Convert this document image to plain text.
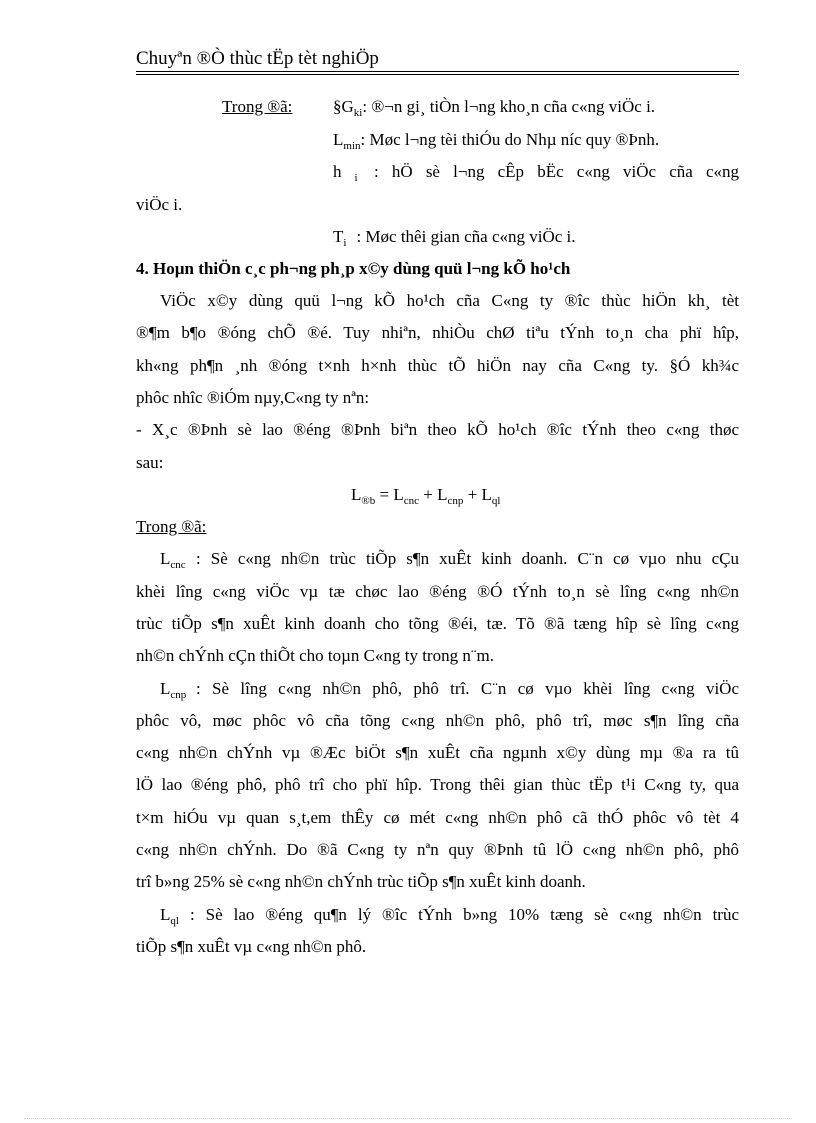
Chuyªn ®Ò thùc tËp tèt nghiÖp
Trong ®ã: $\S G_{ki}$: ®¬n gi¸ tiÒn l¬ng kho¸n cña c«ng viÖc i.
$L_{min}$: Møc l¬ng tèi thiÓu do Nhµ níc quy ®Þnh.
h $_i$ : hÖ sè l¬ng cÊp bËc c«ng viÖc cña c«ng
viÖc i.
$T_i$ : Møc thêi gian cña c«ng viÖc i.
4. Hoµn thiÖn c¸c ph¬ng ph¸p x©y dùng quü l¬ng kÕ ho¹ch
ViÖc x©y dùng quü l¬ng kÕ ho¹ch cña C«ng ty ®îc thùc hiÖn kh¸ tèt
®¶m b¶o ®óng chÕ ®é. Tuy nhiªn, nhiÒu chØ tiªu tÝnh to¸n cha phï hîp,
kh«ng ph¶n ¸nh ®óng t×nh h×nh thùc tÕ hiÖn nay cña C«ng ty. §Ó kh¾c
phôc nhîc ®iÓm nµy,C«ng ty nªn:
- X¸c ®Þnh sè lao ®éng ®Þnh biªn theo kÕ ho¹ch ®îc tÝnh theo c«ng thøc
sau:
$L_{®b} = L_{cnc} + L_{cnp} + L_{ql}$
Trong ®ã:
$L_{cnc}$ : Sè c«ng nh©n trùc tiÕp s¶n xuÊt kinh doanh. C¨n cø vµo nhu cÇu
khèi lîng c«ng viÖc vµ tæ chøc lao ®éng ®Ó tÝnh to¸n sè lîng c«ng nh©n
trùc tiÕp s¶n xuÊt kinh doanh cho tõng ®éi, tæ. Tõ ®ã tæng hîp sè lîng c«ng
nh©n chÝnh cÇn thiÕt cho toµn C«ng ty trong n¨m.
$L_{cnp}$ : Sè lîng c«ng nh©n phô, phô trî. C¨n cø vµo khèi lîng c«ng viÖc
phôc vô, møc phôc vô cña tõng c«ng nh©n phô, phô trî, møc s¶n lîng cña
c«ng nh©n chÝnh vµ ®Æc biÖt s¶n xuÊt cña ngµnh x©y dùng mµ ®a ra tû
lÖ lao ®éng phô, phô trî cho phï hîp. Trong thêi gian thùc tËp t¹i C«ng ty, qua
t×m hiÓu vµ quan s¸t,em thÊy cø mét c«ng nh©n phô cã thÓ phôc vô tèt 4
c«ng nh©n chÝnh. Do ®ã C«ng ty nªn quy ®Þnh tû lÖ c«ng nh©n phô, phô
trî b»ng 25% sè c«ng nh©n chÝnh trùc tiÕp s¶n xuÊt kinh doanh.
$L_{ql}$ : Sè lao ®éng qu¶n lý ®îc tÝnh b»ng 10% tæng sè c«ng nh©n trùc
tiÕp s¶n xuÊt vµ c«ng nh©n phô.
